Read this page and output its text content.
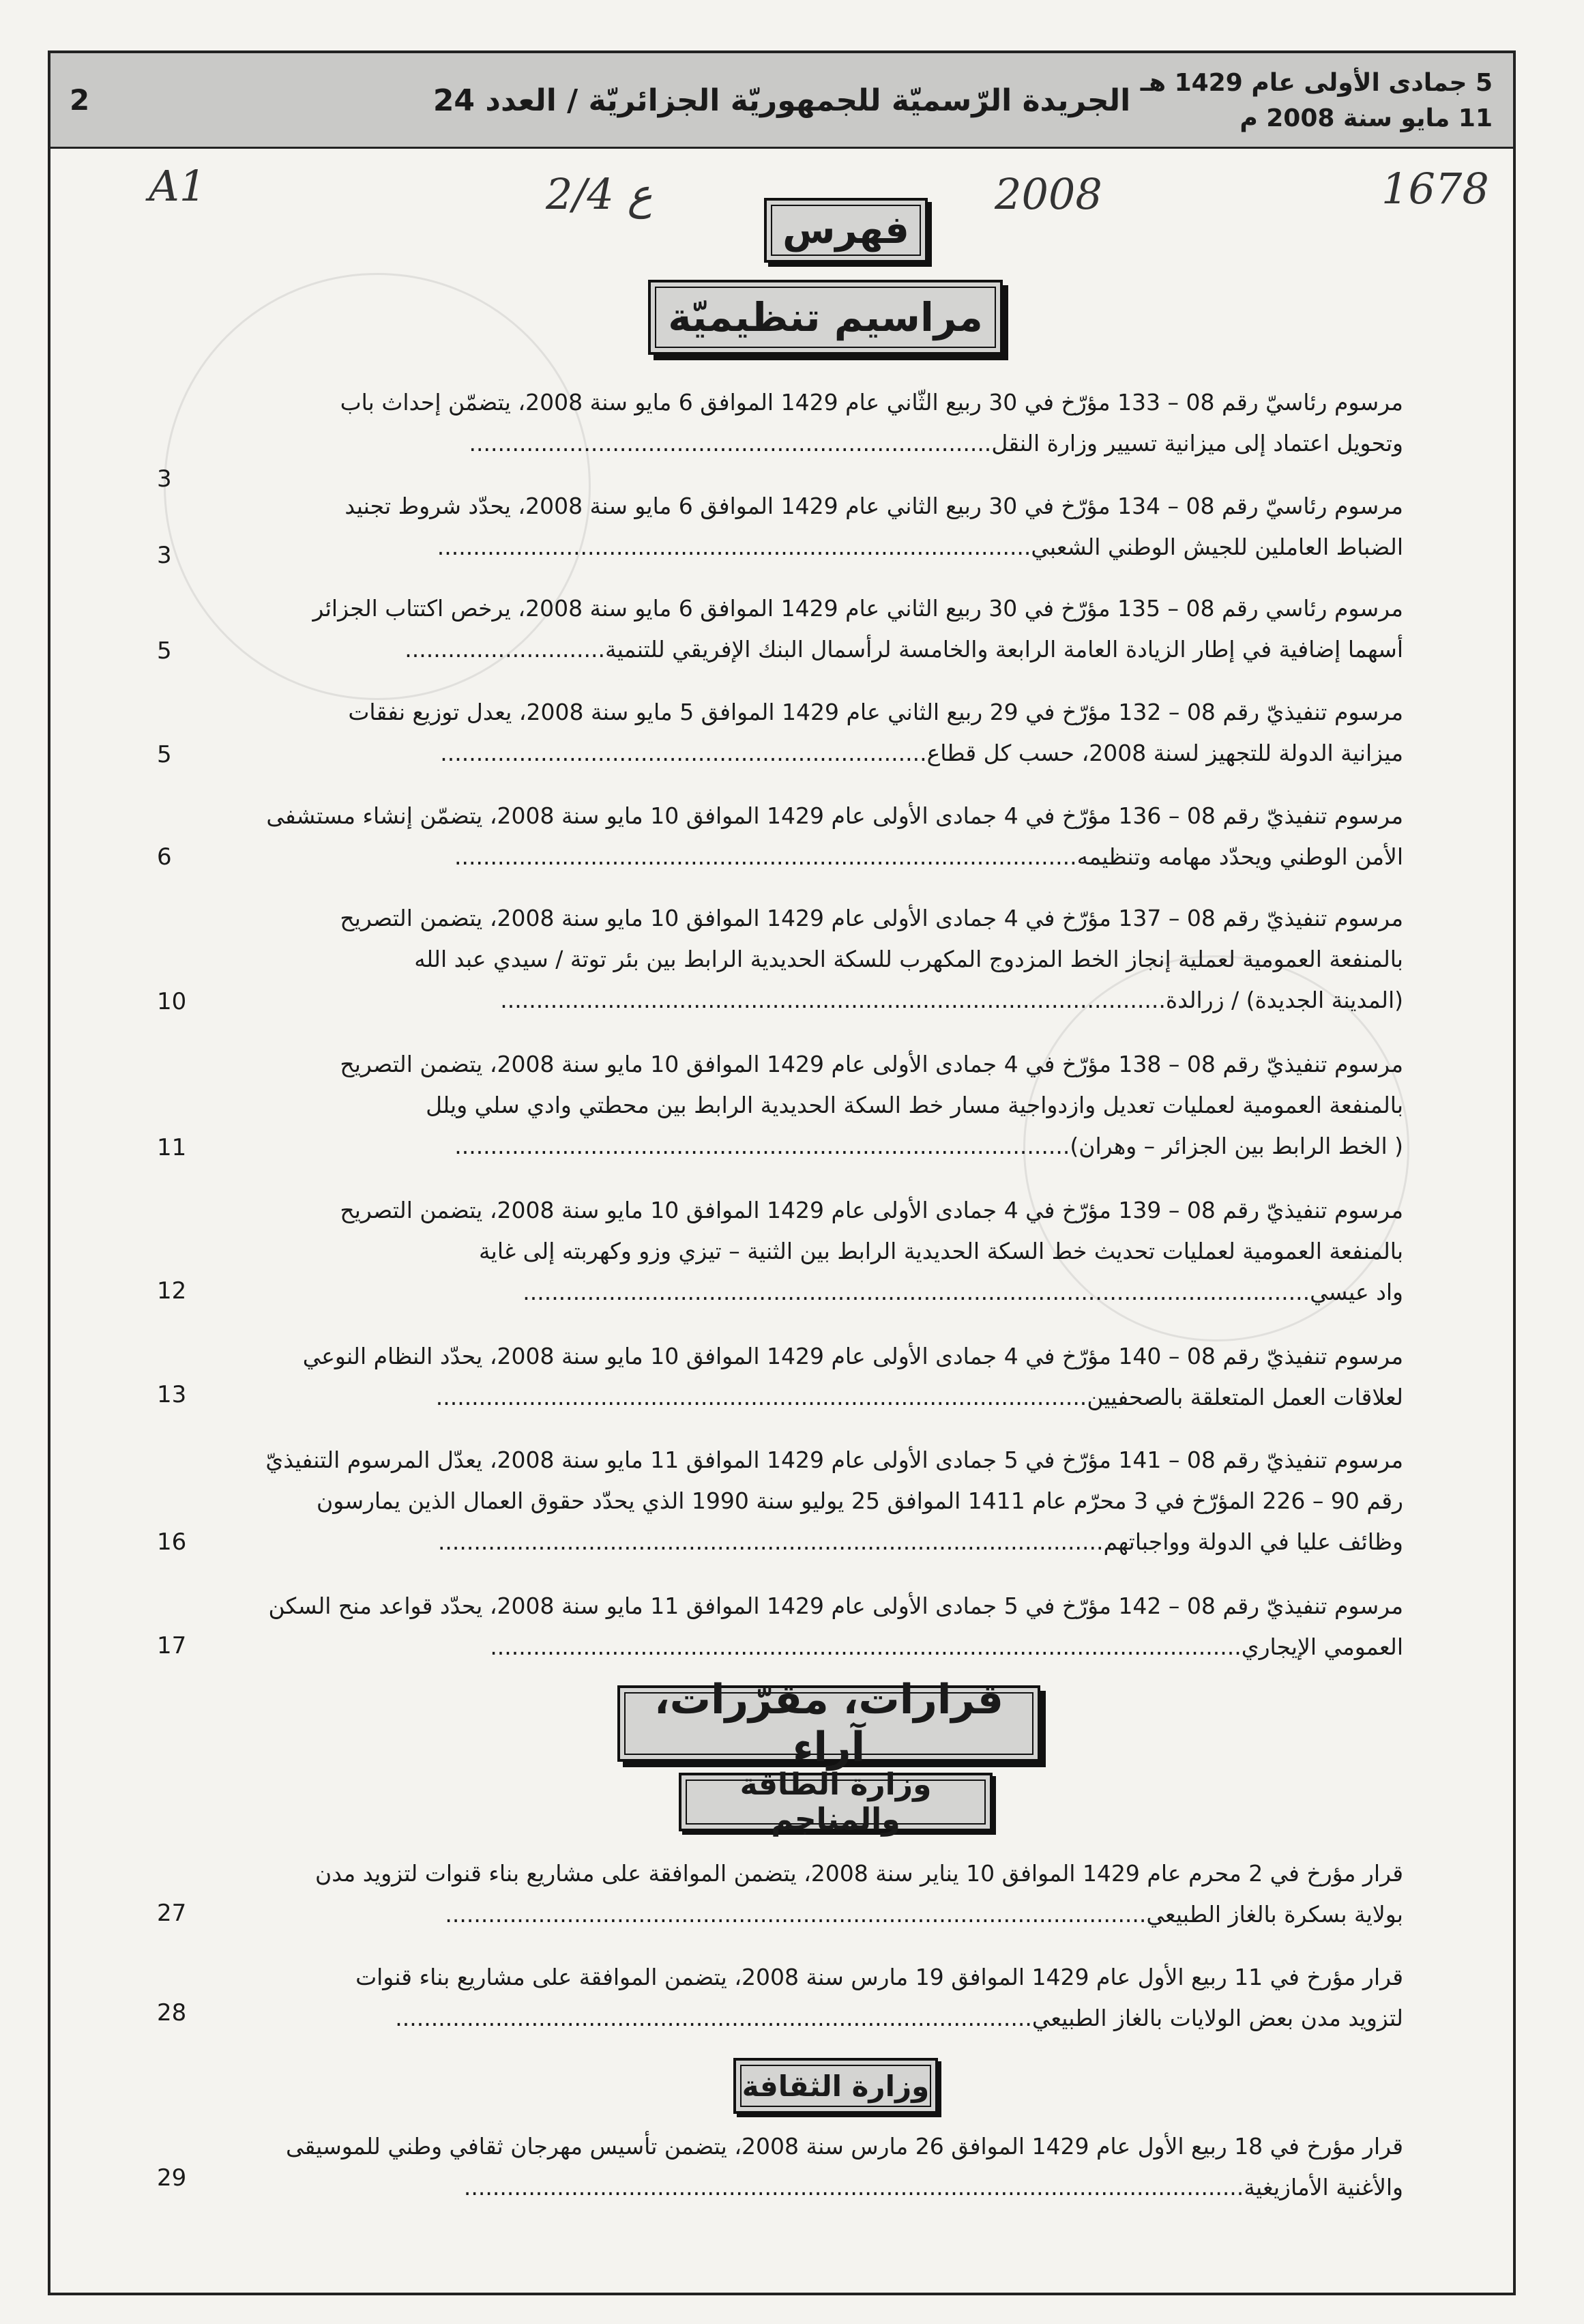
2	الجريدة الرّسميّة للجمهوريّة الجزائريّة / العدد 24
5 جمادى الأولى عام 1429 هـ
11 مايو سنة 2008 م
A1	2/4 ع	2008	1678
فهرس
مراسيم تنظيميّة
مرسوم رئاسيّ رقم 08 – 133 مؤرّخ في 30 ربيع الثّاني عام 1429 الموافق 6 مايو سنة 2008، يتضمّن إحداث باب
وتحويل اعتماد إلى ميزانية تسيير وزارة النقل.........................................................................
3
مرسوم رئاسيّ رقم 08 – 134 مؤرّخ في 30 ربيع الثاني عام 1429 الموافق 6 مايو سنة 2008، يحدّد شروط تجنيد
الضباط العاملين للجيش الوطني الشعبي...................................................................................
3
مرسوم رئاسي رقم 08 – 135 مؤرّخ في 30 ربيع الثاني عام 1429 الموافق 6 مايو سنة 2008، يرخص اكتتاب الجزائر
أسهما إضافية في إطار الزيادة العامة الرابعة والخامسة لرأسمال البنك الإفريقي للتنمية............................
5
مرسوم تنفيذيّ رقم 08 – 132 مؤرّخ في 29 ربيع الثاني عام 1429 الموافق 5 مايو سنة 2008، يعدل توزيع نفقات
ميزانية الدولة للتجهيز لسنة 2008، حسب كل قطاع....................................................................
5
مرسوم تنفيذيّ رقم 08 – 136 مؤرّخ في 4 جمادى الأولى عام 1429 الموافق 10 مايو سنة 2008، يتضمّن إنشاء مستشفى
الأمن الوطني ويحدّد مهامه وتنظيمه.......................................................................................
6
مرسوم تنفيذيّ رقم 08 – 137 مؤرّخ في 4 جمادى الأولى عام 1429 الموافق 10 مايو سنة 2008، يتضمن التصريح
بالمنفعة العمومية لعملية إنجاز الخط المزدوج المكهرب للسكة الحديدية الرابط بين بئر توتة / سيدي عبد الله
(المدينة الجديدة) / زرالدة.............................................................................................
10
مرسوم تنفيذيّ رقم 08 – 138 مؤرّخ في 4 جمادى الأولى عام 1429 الموافق 10 مايو سنة 2008، يتضمن التصريح
بالمنفعة العمومية لعمليات تعديل وازدواجية مسار خط السكة الحديدية الرابط بين محطتي وادي سلي ويلل
( الخط الرابط بين الجزائر – وهران)......................................................................................
11
مرسوم تنفيذيّ رقم 08 – 139 مؤرّخ في 4 جمادى الأولى عام 1429 الموافق 10 مايو سنة 2008، يتضمن التصريح
بالمنفعة العمومية لعمليات تحديث خط السكة الحديدية الرابط بين الثنية – تيزي وزو وكهربته إلى غاية
واد عيسي..............................................................................................................
12
مرسوم تنفيذيّ رقم 08 – 140 مؤرّخ في 4 جمادى الأولى عام 1429 الموافق 10 مايو سنة 2008، يحدّد النظام النوعي
لعلاقات العمل المتعلقة بالصحفيين...........................................................................................
13
مرسوم تنفيذيّ رقم 08 – 141 مؤرّخ في 5 جمادى الأولى عام 1429 الموافق 11 مايو سنة 2008، يعدّل المرسوم التنفيذيّ
رقم 90 – 226 المؤرّخ في 3 محرّم عام 1411 الموافق 25 يوليو سنة 1990 الذي يحدّد حقوق العمال الذين يمارسون
وظائف عليا في الدولة وواجباتهم.............................................................................................
16
مرسوم تنفيذيّ رقم 08 – 142 مؤرّخ في 5 جمادى الأولى عام 1429 الموافق 11 مايو سنة 2008، يحدّد قواعد منح السكن
العمومي الإيجاري.........................................................................................................
17
قرارات، مقرّرات، آراء
وزارة الطاقة والمناجم
قرار مؤرخ في 2 محرم عام 1429 الموافق 10 يناير سنة 2008، يتضمن الموافقة على مشاريع بناء قنوات لتزويد مدن
بولاية بسكرة بالغاز الطبيعي..................................................................................................
27
قرار مؤرخ في 11 ربيع الأول عام 1429 الموافق 19 مارس سنة 2008، يتضمن الموافقة على مشاريع بناء قنوات
لتزويد مدن بعض الولايات بالغاز الطبيعي.........................................................................................
28
وزارة الثقافة
قرار مؤرخ في 18 ربيع الأول عام 1429 الموافق 26 مارس سنة 2008، يتضمن تأسيس مهرجان ثقافي وطني للموسيقى
والأغنية الأمازيغية.............................................................................................................
29
